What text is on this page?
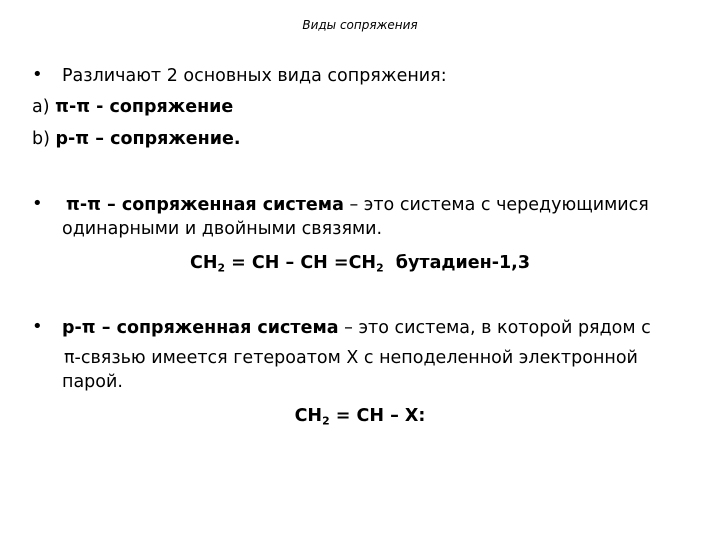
Виды сопряжения
• Различают 2 основных вида сопряжения:
a) π-π - сопряжение
b) p-π – сопряжение.
• π-π – сопряженная система – это система с чередующимися
одинарными и двойными связями.
$CH_2$ = CH – CH $=CH_2$ бутадиен-1,3
• p-π – сопряженная система – это система, в которой рядом с
π-связью имеется гетероатом X с неподеленной электронной
парой.
$CH_2$ = CH – X:
